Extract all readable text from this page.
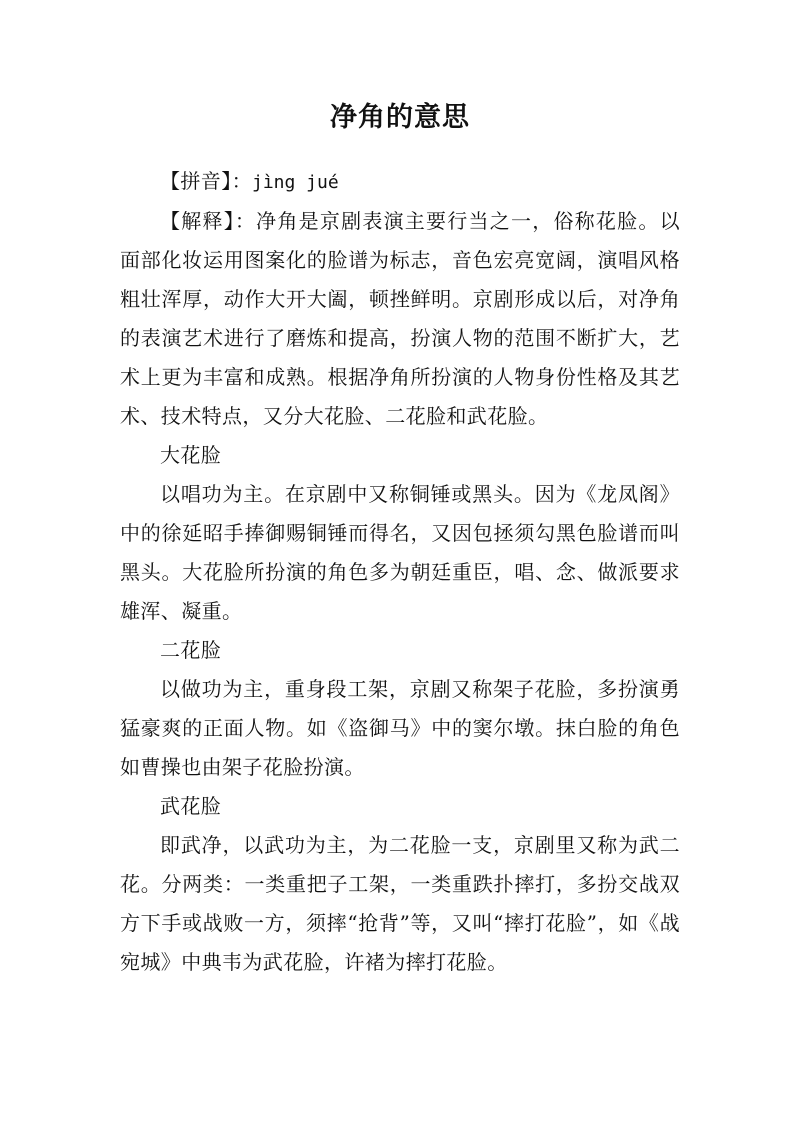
净角的意思

【拼音】：jìng jué

【解释】：净角是京剧表演主要行当之一，俗称花脸。以面部化妆运用图案化的脸谱为标志，音色宏亮宽阔，演唱风格粗壮浑厚，动作大开大阖，顿挫鲜明。京剧形成以后，对净角的表演艺术进行了磨炼和提高，扮演人物的范围不断扩大，艺术上更为丰富和成熟。根据净角所扮演的人物身份性格及其艺术、技术特点，又分大花脸、二花脸和武花脸。

大花脸

以唱功为主。在京剧中又称铜锤或黑头。因为《龙凤阁》中的徐延昭手捧御赐铜锤而得名，又因包拯须勾黑色脸谱而叫黑头。大花脸所扮演的角色多为朝廷重臣，唱、念、做派要求雄浑、凝重。

二花脸

以做功为主，重身段工架，京剧又称架子花脸，多扮演勇猛豪爽的正面人物。如《盗御马》中的窦尔墩。抹白脸的角色如曹操也由架子花脸扮演。

武花脸

即武净，以武功为主，为二花脸一支，京剧里又称为武二花。分两类：一类重把子工架，一类重跌扑摔打，多扮交战双方下手或战败一方，须摔“抢背”等，又叫“摔打花脸”，如《战宛城》中典韦为武花脸，许褚为摔打花脸。
